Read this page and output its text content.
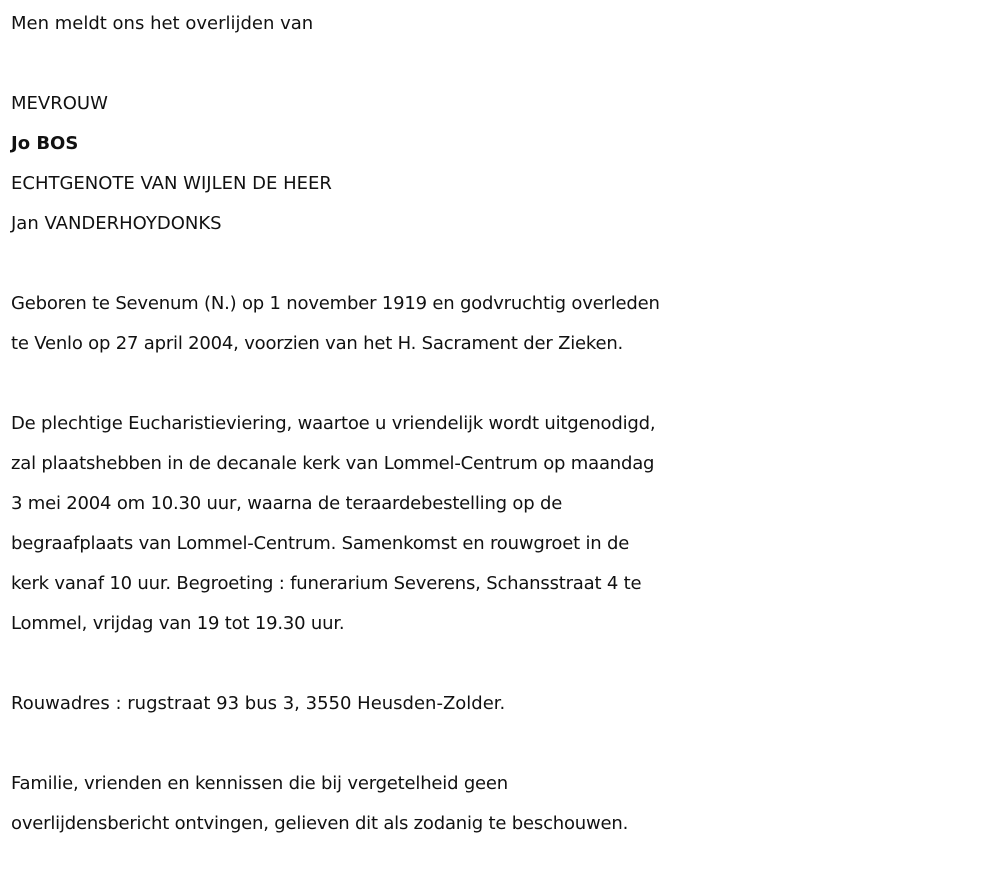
Men meldt ons het overlijden van
MEVROUW
Jo BOS
ECHTGENOTE VAN WIJLEN DE HEER
Jan VANDERHOYDONKS
Geboren te Sevenum (N.) op 1 november 1919 en godvruchtig overleden
te Venlo op 27 april 2004, voorzien van het H. Sacrament der Zieken.
De plechtige Eucharistieviering, waartoe u vriendelijk wordt uitgenodigd,
zal plaatshebben in de decanale kerk van Lommel-Centrum op maandag
3 mei 2004 om 10.30 uur, waarna de teraardebestelling op de
begraafplaats van Lommel-Centrum. Samenkomst en rouwgroet in de
kerk vanaf 10 uur. Begroeting : funerarium Severens, Schansstraat 4 te
Lommel, vrijdag van 19 tot 19.30 uur.
Rouwadres : rugstraat 93 bus 3, 3550 Heusden-Zolder.
Familie, vrienden en kennissen die bij vergetelheid geen
overlijdensbericht ontvingen, gelieven dit als zodanig te beschouwen.
